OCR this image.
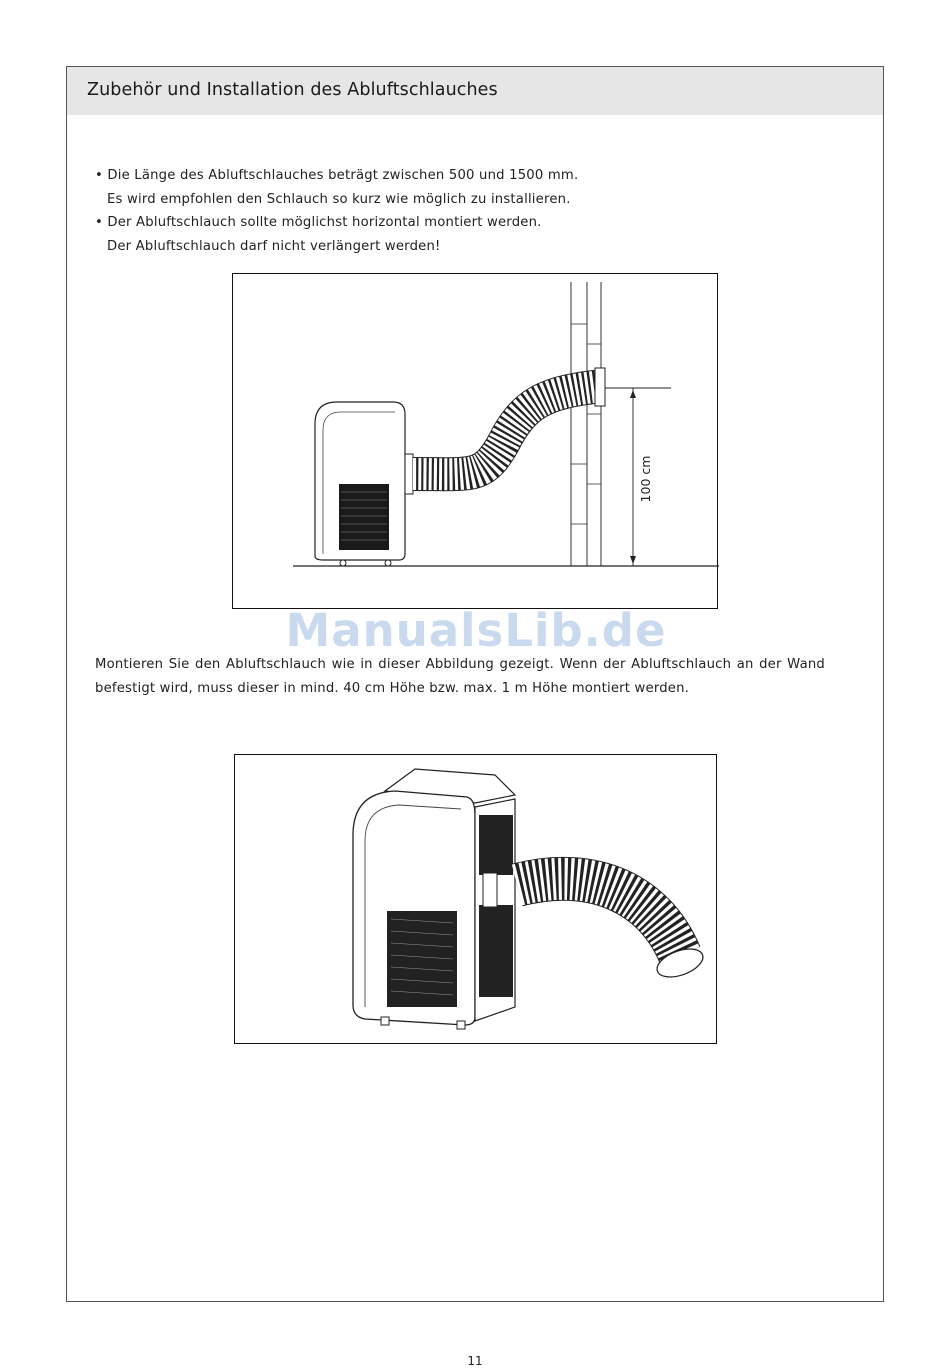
Zubehör und Installation des Abluftschlauches
• Die Länge des Abluftschlauches beträgt zwischen 500 und 1500 mm.
Es wird empfohlen den Schlauch so kurz wie möglich zu installieren.
• Der Abluftschlauch sollte möglichst horizontal montiert werden.
Der Abluftschlauch darf nicht verlängert werden!
100 cm
ManualsLib.de
Montieren Sie den Abluftschlauch wie in dieser Abbildung gezeigt. Wenn der Abluftschlauch an der Wand befestigt wird, muss dieser in mind. 40 cm Höhe bzw. max. 1 m Höhe montiert werden.
11
